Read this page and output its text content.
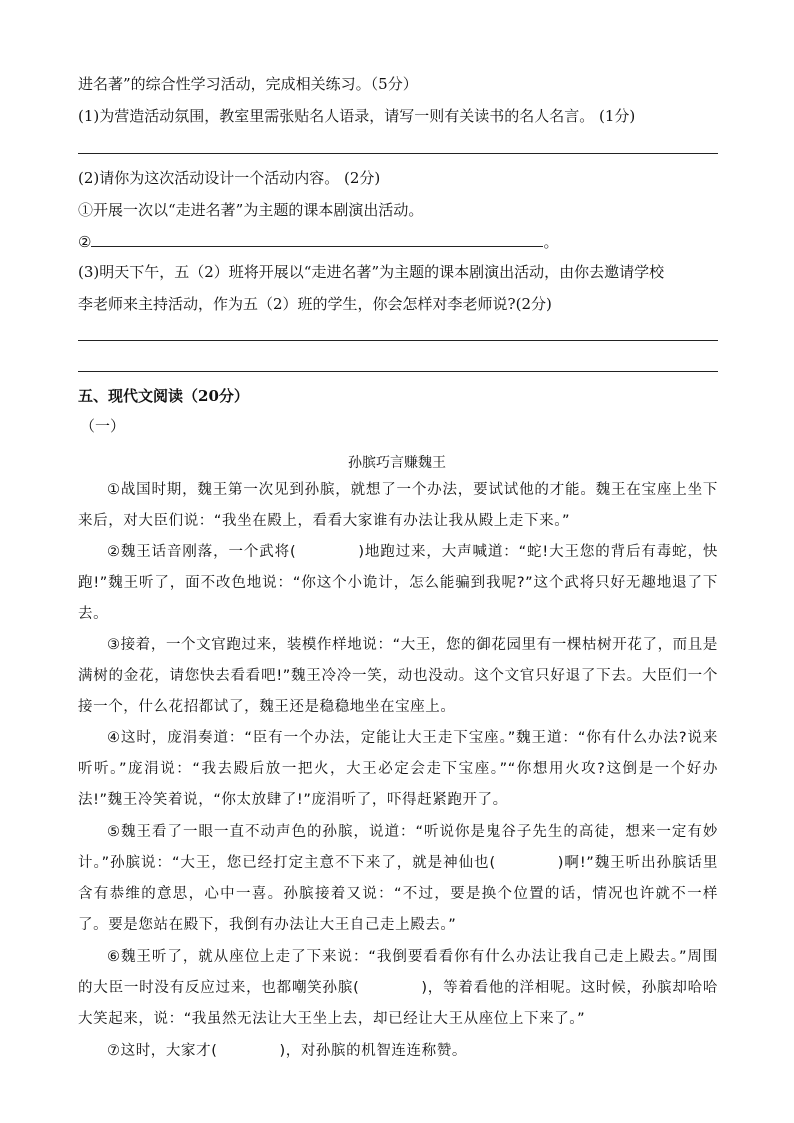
进名著”的综合性学习活动，完成相关练习。（5分）
(1)为营造活动氛围，教室里需张贴名人语录，请写一则有关读书的名人名言。 (1分)
(2)请你为这次活动设计一个活动内容。 (2分)
①开展一次以“走进名著”为主题的课本剧演出活动。
②	。
(3)明天下午，五（2）班将开展以“走进名著”为主题的课本剧演出活动，由你去邀请学校
李老师来主持活动，作为五（2）班的学生，你会怎样对李老师说?(2分)
五、现代文阅读（20分）
（一）
孙膑巧言赚魏王
①战国时期，魏王第一次见到孙膑，就想了一个办法，要试试他的才能。魏王在宝座上坐下来后，对大臣们说：“我坐在殿上，看看大家谁有办法让我从殿上走下来。”
②魏王话音刚落，一个武将(	)地跑过来，大声喊道：“蛇!大王您的背后有毒蛇，快跑!”魏王听了，面不改色地说：“你这个小诡计，怎么能骗到我呢?”这个武将只好无趣地退了下去。
③接着，一个文官跑过来，装模作样地说：“大王，您的御花园里有一棵枯树开花了，而且是满树的金花，请您快去看看吧!”魏王冷冷一笑，动也没动。这个文官只好退了下去。大臣们一个接一个，什么花招都试了，魏王还是稳稳地坐在宝座上。
④这时，庞涓奏道：“臣有一个办法，定能让大王走下宝座。”魏王道：“你有什么办法?说来听听。”庞涓说：“我去殿后放一把火，大王必定会走下宝座。”“你想用火攻?这倒是一个好办法!”魏王冷笑着说，“你太放肆了!”庞涓听了，吓得赶紧跑开了。
⑤魏王看了一眼一直不动声色的孙膑，说道：“听说你是鬼谷子先生的高徒，想来一定有妙计。”孙膑说：“大王，您已经打定主意不下来了，就是神仙也(	)啊!”魏王听出孙膑话里含有恭维的意思，心中一喜。孙膑接着又说：“不过，要是换个位置的话，情况也许就不一样了。要是您站在殿下，我倒有办法让大王自己走上殿去。”
⑥魏王听了，就从座位上走了下来说：“我倒要看看你有什么办法让我自己走上殿去。”周围的大臣一时没有反应过来，也都嘲笑孙膑(	)，等着看他的洋相呢。这时候，孙膑却哈哈大笑起来，说：“我虽然无法让大王坐上去，却已经让大王从座位上下来了。”
⑦这时，大家才(	)，对孙膑的机智连连称赞。
